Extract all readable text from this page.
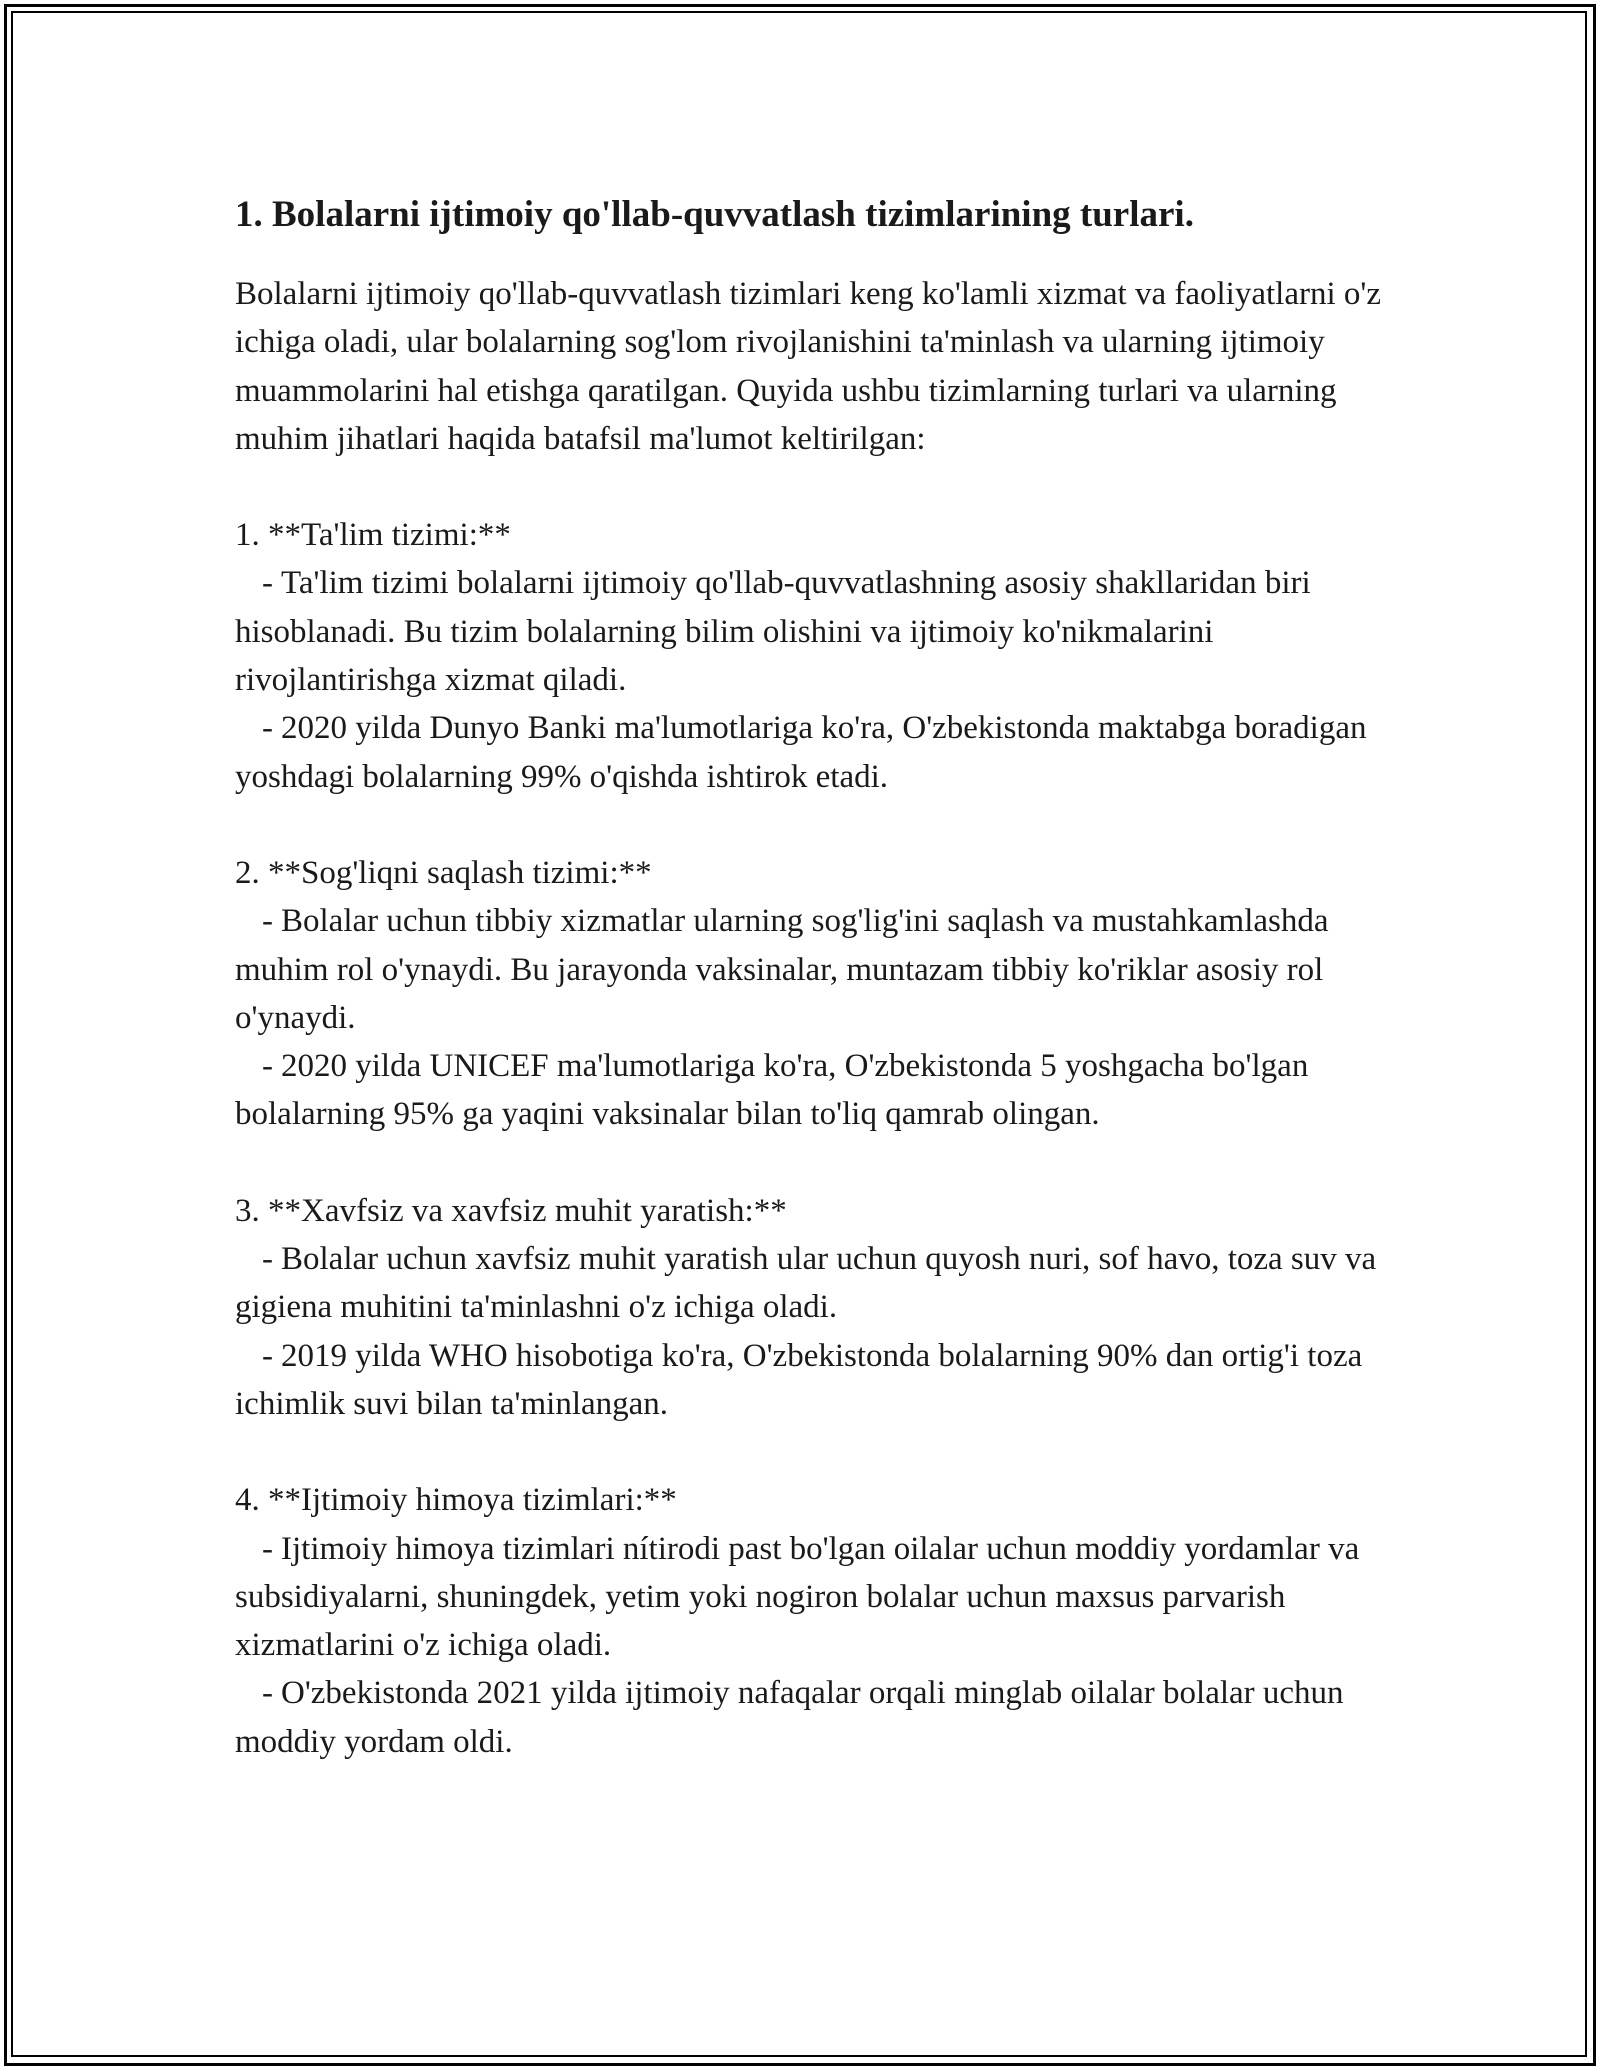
1. Bolalarni ijtimoiy qo'llab-quvvatlash tizimlarining turlari.

Bolalarni ijtimoiy qo'llab-quvvatlash tizimlari keng ko'lamli xizmat va faoliyatlarni o'z ichiga oladi, ular bolalarning sog'lom rivojlanishini ta'minlash va ularning ijtimoiy muammolarini hal etishga qaratilgan. Quyida ushbu tizimlarning turlari va ularning muhim jihatlari haqida batafsil ma'lumot keltirilgan:

1. **Ta'lim tizimi:**

- Ta'lim tizimi bolalarni ijtimoiy qo'llab-quvvatlashning asosiy shakllaridan biri hisoblanadi. Bu tizim bolalarning bilim olishini va ijtimoiy ko'nikmalarini rivojlantirishga xizmat qiladi.

- 2020 yilda Dunyo Banki ma'lumotlariga ko'ra, O'zbekistonda maktabga boradigan yoshdagi bolalarning 99% o'qishda ishtirok etadi.

2. **Sog'liqni saqlash tizimi:**

- Bolalar uchun tibbiy xizmatlar ularning sog'lig'ini saqlash va mustahkamlashda muhim rol o'ynaydi. Bu jarayonda vaksinalar, muntazam tibbiy ko'riklar asosiy rol o'ynaydi.

- 2020 yilda UNICEF ma'lumotlariga ko'ra, O'zbekistonda 5 yoshgacha bo'lgan bolalarning 95% ga yaqini vaksinalar bilan to'liq qamrab olingan.

3. **Xavfsiz va xavfsiz muhit yaratish:**

- Bolalar uchun xavfsiz muhit yaratish ular uchun quyosh nuri, sof havo, toza suv va gigiena muhitini ta'minlashni o'z ichiga oladi.

- 2019 yilda WHO hisobotiga ko'ra, O'zbekistonda bolalarning 90% dan ortig'i toza ichimlik suvi bilan ta'minlangan.

4. **Ijtimoiy himoya tizimlari:**

- Ijtimoiy himoya tizimlari nítirodi past bo'lgan oilalar uchun moddiy yordamlar va subsidiyalarni, shuningdek, yetim yoki nogiron bolalar uchun maxsus parvarish xizmatlarini o'z ichiga oladi.

- O'zbekistonda 2021 yilda ijtimoiy nafaqalar orqali minglab oilalar bolalar uchun moddiy yordam oldi.
